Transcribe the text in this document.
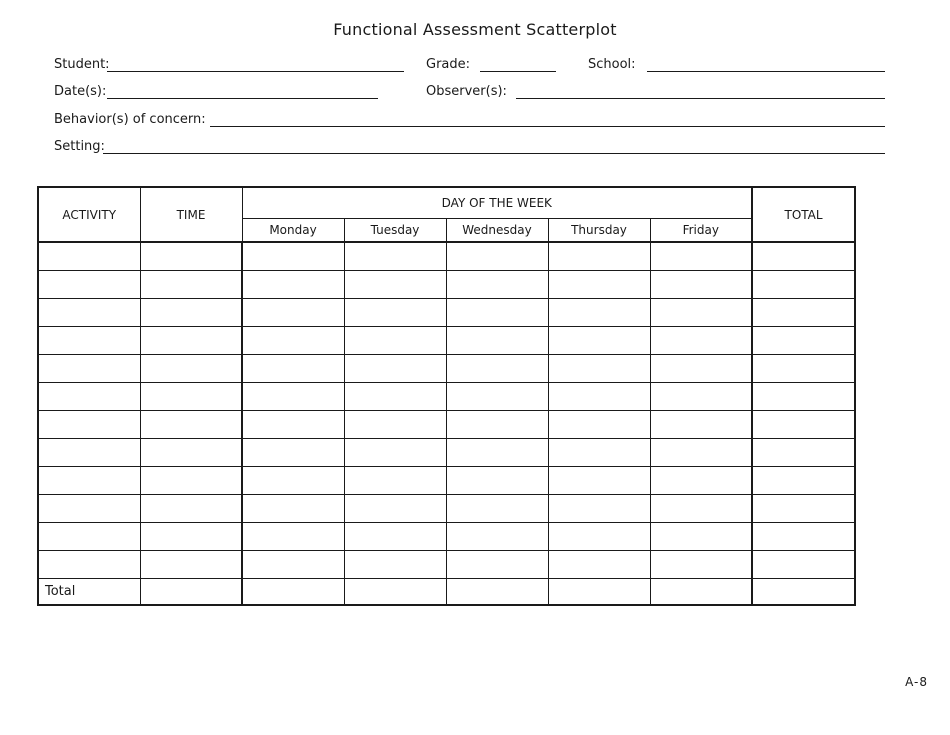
Functional Assessment Scatterplot
Student:	Grade:	School:
Date(s):	Observer(s):
Behavior(s) of concern:
Setting:
ACTIVITY	TIME	DAY OF THE WEEK					TOTAL
		Monday	Tuesday	Wednesday	Thursday	Friday	

Total							
A-8
